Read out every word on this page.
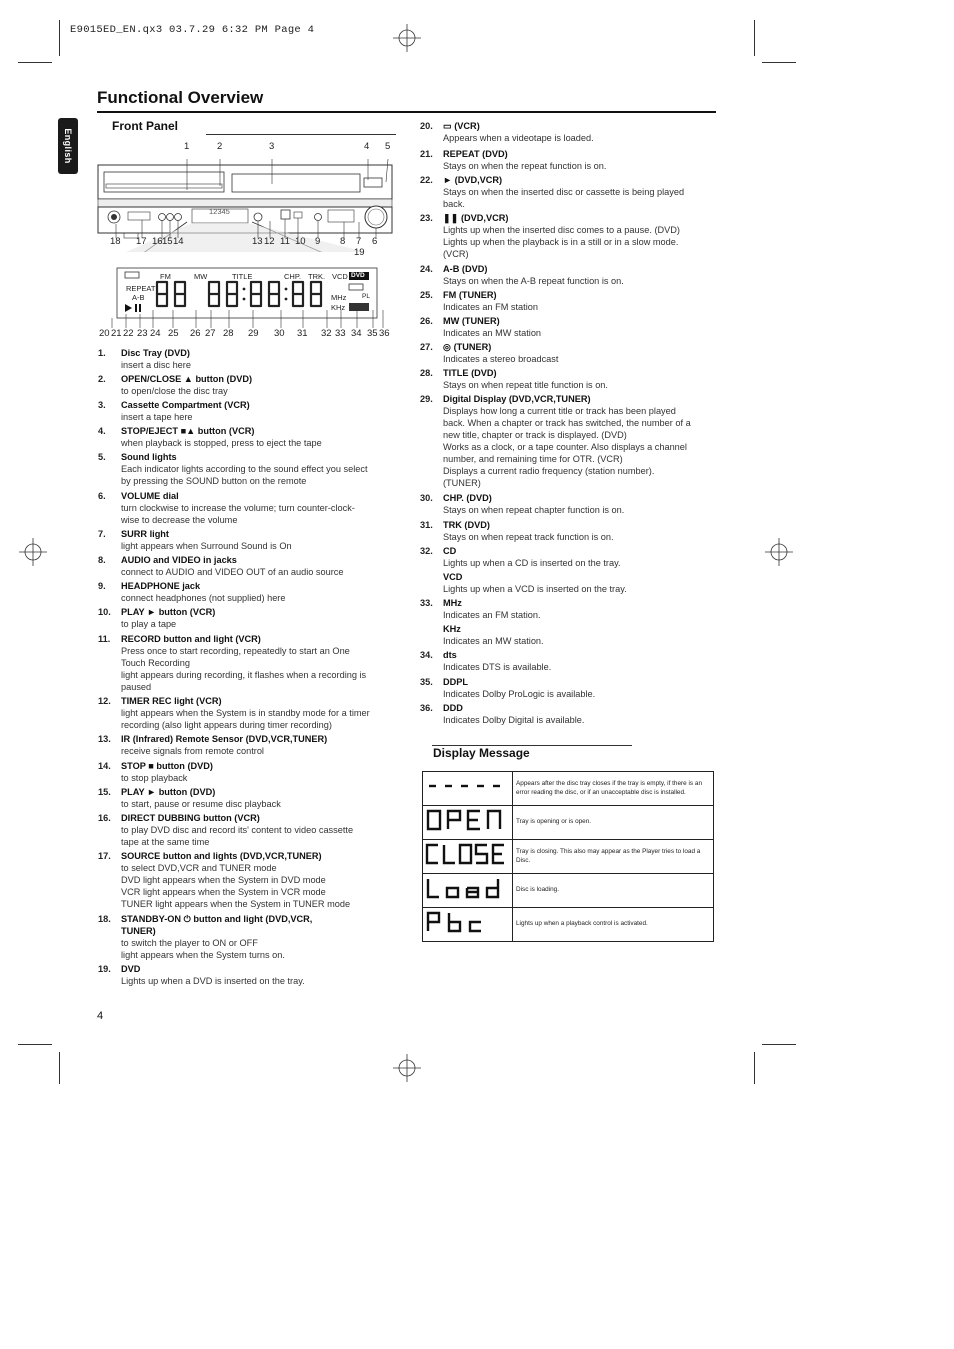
E9015ED_EN.qx3 03.7.29 6:32 PM Page 4
Functional Overview
English
Front Panel
12345
1	2	3	4 5
18 17 16 15 14	13 12 11 10 9 8 7 6
19
REPEAT
A-B
FM	MW	TITLE	CHP. TRK. VCD DVD
MHz
KHz
PL
20 21 22 23 24 25 26 27 28 29 30 31 32 33 34 35 36
1. Disc Tray (DVD)
insert a disc here
2. OPEN/CLOSE ▲ button (DVD)
to open/close the disc tray
3. Cassette Compartment (VCR)
insert a tape here
4. STOP/EJECT ■▲ button (VCR)
when playback is stopped, press to eject the tape
5. Sound lights
Each indicator lights according to the sound effect you select
by pressing the SOUND button on the remote
6. VOLUME dial
turn clockwise to increase the volume; turn counter-clock-
wise to decrease the volume
7. SURR light
light appears when Surround Sound is On
8. AUDIO and VIDEO in jacks
connect to AUDIO and VIDEO OUT of an audio source
9. HEADPHONE jack
connect headphones (not supplied) here
10. PLAY ► button (VCR)
to play a tape
11. RECORD button and light (VCR)
Press once to start recording, repeatedly to start an One
Touch Recording
light appears during recording, it flashes when a recording is
paused
12. TIMER REC light (VCR)
light appears when the System is in standby mode for a timer
recording (also light appears during timer recording)
13. IR (Infrared) Remote Sensor (DVD,VCR,TUNER)
receive signals from remote control
14. STOP ■ button (DVD)
to stop playback
15. PLAY ► button (DVD)
to start, pause or resume disc playback
16. DIRECT DUBBING button (VCR)
to play DVD disc and record its' content to video cassette
tape at the same time
17. SOURCE button and lights (DVD,VCR,TUNER)
to select DVD,VCR and TUNER mode
DVD light appears when the System in DVD mode
VCR light appears when the System in VCR mode
TUNER light appears when the System in TUNER mode
18. STANDBY-ON ⏻ button and light (DVD,VCR,
TUNER)
to switch the player to ON or OFF
light appears when the System turns on.
19. DVD
Lights up when a DVD is inserted on the tray.
20. ▭ (VCR)
Appears when a videotape is loaded.
21. REPEAT (DVD)
Stays on when the repeat function is on.
22. ► (DVD,VCR)
Stays on when the inserted disc or cassette is being played
back.
23. ❚❚ (DVD,VCR)
Lights up when the inserted disc comes to a pause. (DVD)
Lights up when the playback is in a still or in a slow mode.
(VCR)
24. A-B (DVD)
Stays on when the A-B repeat function is on.
25. FM (TUNER)
Indicates an FM station
26. MW (TUNER)
Indicates an MW station
27. ◎ (TUNER)
Indicates a stereo broadcast
28. TITLE (DVD)
Stays on when repeat title function is on.
29. Digital Display (DVD,VCR,TUNER)
Displays how long a current title or track has been played
back. When a chapter or track has switched, the number of a
new title, chapter or track is displayed. (DVD)
Works as a clock, or a tape counter. Also displays a channel
number, and remaining time for OTR. (VCR)
Displays a current radio frequency (station number).
(TUNER)
30. CHP. (DVD)
Stays on when repeat chapter function is on.
31. TRK (DVD)
Stays on when repeat track function is on.
32. CD
Lights up when a CD is inserted on the tray.
VCD
Lights up when a VCD is inserted on the tray.
33. MHz
Indicates an FM station.
KHz
Indicates an MW station.
34. dts
Indicates DTS is available.
35. DDPL
Indicates Dolby ProLogic is available.
36. DDD
Indicates Dolby Digital is available.
Display Message
	Appears after the disc tray closes if the tray is empty, if there is an error reading the disc, or if an unacceptable disc is installed.
	Tray is opening or is open.
	Tray is closing. This also may appear as the Player tries to load a Disc.
	Disc is loading.
	Lights up when a playback control is activated.
4
